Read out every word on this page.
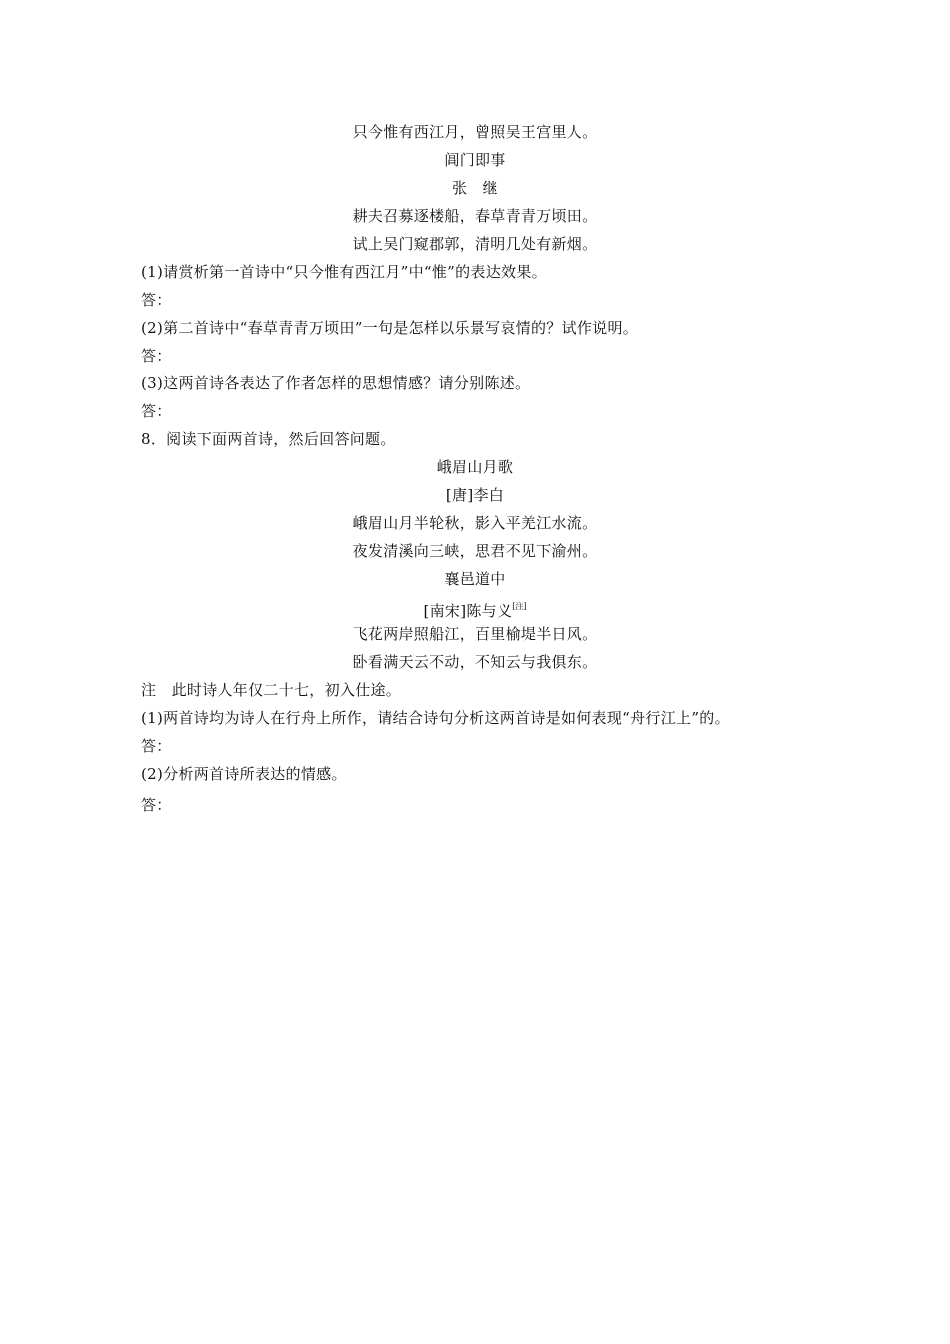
只今惟有西江月，曾照吴王宫里人。
阊门即事
张　继
耕夫召募逐楼船，春草青青万顷田。
试上吴门窥郡郭，清明几处有新烟。
(1)请赏析第一首诗中“只今惟有西江月”中“惟”的表达效果。
答：
(2)第二首诗中“春草青青万顷田”一句是怎样以乐景写哀情的？试作说明。
答：
(3)这两首诗各表达了作者怎样的思想情感？请分别陈述。
答：
8．阅读下面两首诗，然后回答问题。
峨眉山月歌
[唐]李白
峨眉山月半轮秋，影入平羌江水流。
夜发清溪向三峡，思君不见下渝州。
襄邑道中
[南宋]陈与义[注]
飞花两岸照船江，百里榆堤半日风。
卧看满天云不动，不知云与我俱东。
注　此时诗人年仅二十七，初入仕途。
(1)两首诗均为诗人在行舟上所作，请结合诗句分析这两首诗是如何表现“舟行江上”的。
答：
(2)分析两首诗所表达的情感。
答：
